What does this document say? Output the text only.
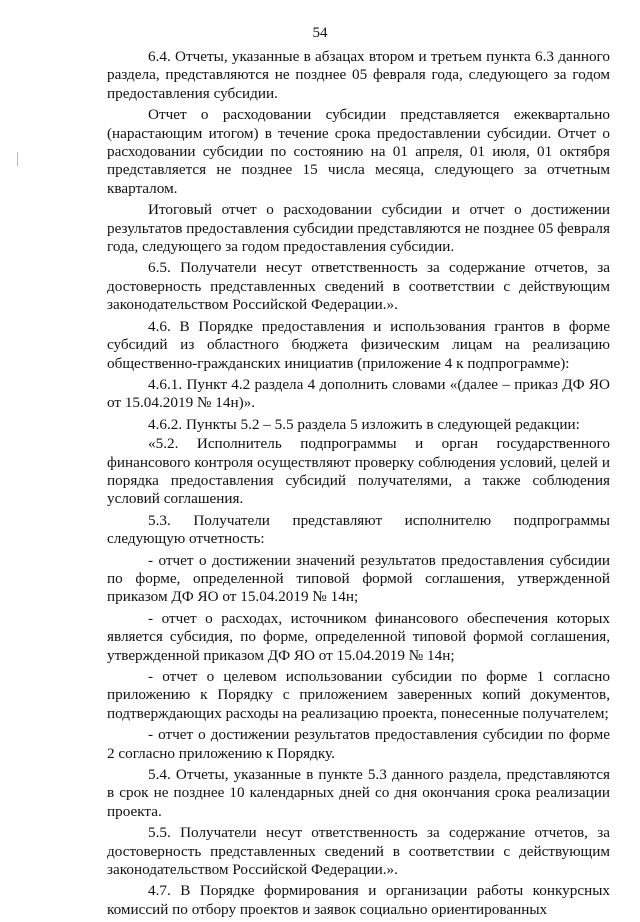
54

6.4. Отчеты, указанные в абзацах втором и третьем пункта 6.3 данного раздела, представляются не позднее 05 февраля года, следующего за годом предоставления субсидии.

Отчет о расходовании субсидии представляется ежеквартально (нарастающим итогом) в течение срока предоставлении субсидии. Отчет о расходовании субсидии по состоянию на 01 апреля, 01 июля, 01 октября представляется не позднее 15 числа месяца, следующего за отчетным кварталом.

Итоговый отчет о расходовании субсидии и отчет о достижении результатов предоставления субсидии представляются не позднее 05 февраля года, следующего за годом предоставления субсидии.

6.5. Получатели несут ответственность за содержание отчетов, за достоверность представленных сведений в соответствии с действующим законодательством Российской Федерации.».

4.6. В Порядке предоставления и использования грантов в форме субсидий из областного бюджета физическим лицам на реализацию общественно-гражданских инициатив (приложение 4 к подпрограмме):

4.6.1. Пункт 4.2 раздела 4 дополнить словами «(далее – приказ ДФ ЯО от 15.04.2019 № 14н)».

4.6.2. Пункты 5.2 – 5.5 раздела 5 изложить в следующей редакции:

«5.2. Исполнитель подпрограммы и орган государственного финансового контроля осуществляют проверку соблюдения условий, целей и порядка предоставления субсидий получателями, а также соблюдения условий соглашения.

5.3. Получатели представляют исполнителю подпрограммы следующую отчетность:

- отчет о достижении значений результатов предоставления субсидии по форме, определенной типовой формой соглашения, утвержденной приказом ДФ ЯО от 15.04.2019 № 14н;

- отчет о расходах, источником финансового обеспечения которых является субсидия, по форме, определенной типовой формой соглашения, утвержденной приказом ДФ ЯО от 15.04.2019 № 14н;

- отчет о целевом использовании субсидии по форме 1 согласно приложению к Порядку с приложением заверенных копий документов, подтверждающих расходы на реализацию проекта, понесенные получателем;

- отчет о достижении результатов предоставления субсидии по форме 2 согласно приложению к Порядку.

5.4. Отчеты, указанные в пункте 5.3 данного раздела, представляются в срок не позднее 10 календарных дней со дня окончания срока реализации проекта.

5.5. Получатели несут ответственность за содержание отчетов, за достоверность представленных сведений в соответствии с действующим законодательством Российской Федерации.».

4.7. В Порядке формирования и организации работы конкурсных комиссий по отбору проектов и заявок социально ориентированных
